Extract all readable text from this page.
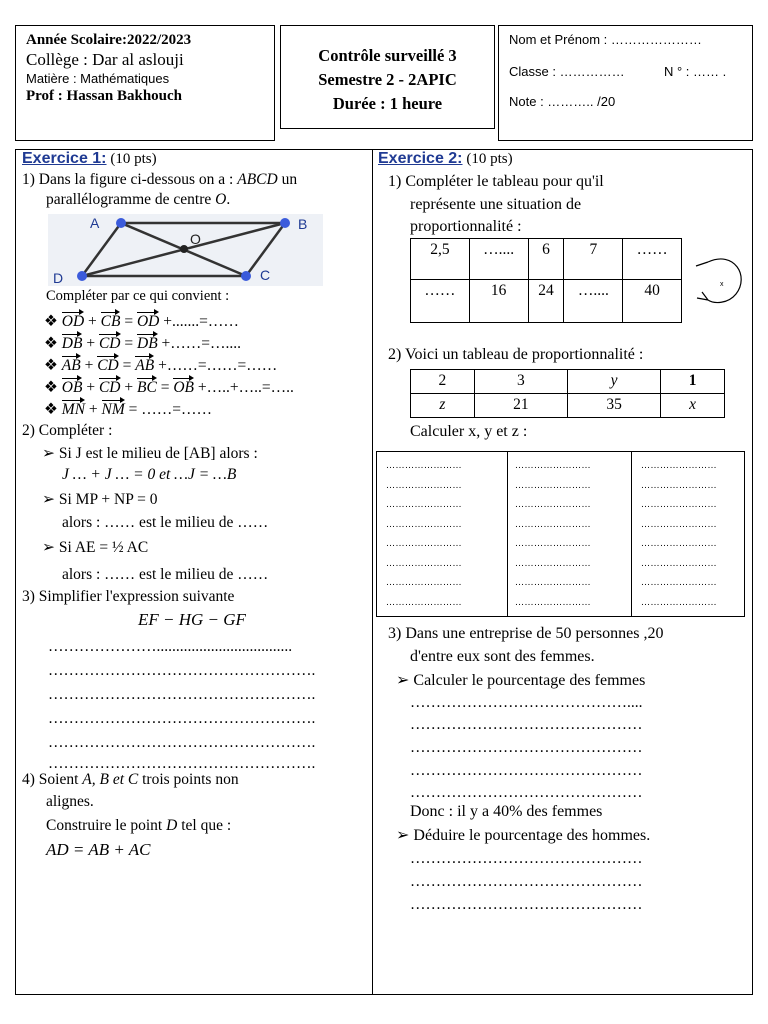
Année Scolaire:2022/2023
Collège : Dar al aslouji
Matière : Mathématiques
Prof : Hassan Bakhouch
Contrôle surveillé 3
Semestre 2 - 2APIC
Durée : 1 heure
Nom et Prénom : …………………
Classe : ……………	N ° : …… .
Note : ……….. /20
Exercice 1: (10 pts)
1) Dans la figure ci-dessous on a : ABCD un
parallélogramme de centre O.
A	B
C
D
O
Compléter par ce qui convient :
❖ OD + CB = OD +.......=……
❖ DB + CD = DB +……=…....
❖ AB + CD = AB +……=……=……
❖ OB + CD + BC = OB +…..+…..=…..
❖ MN + NM = ……=……
2) Compléter :
➢ Si J est le milieu de [AB] alors :
J … + J … = 0 et …J = …B
➢ Si MP + NP = 0
alors : …… est le milieu de ……
➢ Si AE = ½ AC
alors : …… est le milieu de ……
3) Simplifier l'expression suivante
EF − HG − GF
…………………...................................
…………………………………………….
…………………………………………….
…………………………………………….
…………………………………………….
…………………………………………….
4) Soient A, B et C trois points non
alignes.
Construire le point D tel que :
AD = AB + AC
Exercice 2: (10 pts)
1) Compléter le tableau pour qu'il
représente une situation de
proportionnalité :
2,5	…....	6	7	……
……	16	24	…....	40	x
2) Voici un tableau de proportionnalité :
2	3	y	1
z	21	35	x
Calculer x, y et z :
……………………
……………………
……………………
……………………
……………………
……………………
……………………
……………………
……………………
……………………
……………………
……………………
……………………
……………………
……………………
……………………
……………………
……………………
……………………
……………………
……………………
……………………
……………………
……………………
3) Dans une entreprise de 50 personnes ,20
d'entre eux sont des femmes.
➢ Calculer le pourcentage des femmes
……………………………………....
………………………………………
………………………………………
………………………………………
………………………………………
Donc : il y a 40% des femmes
➢ Déduire le pourcentage des hommes.
………………………………………
………………………………………
………………………………………
